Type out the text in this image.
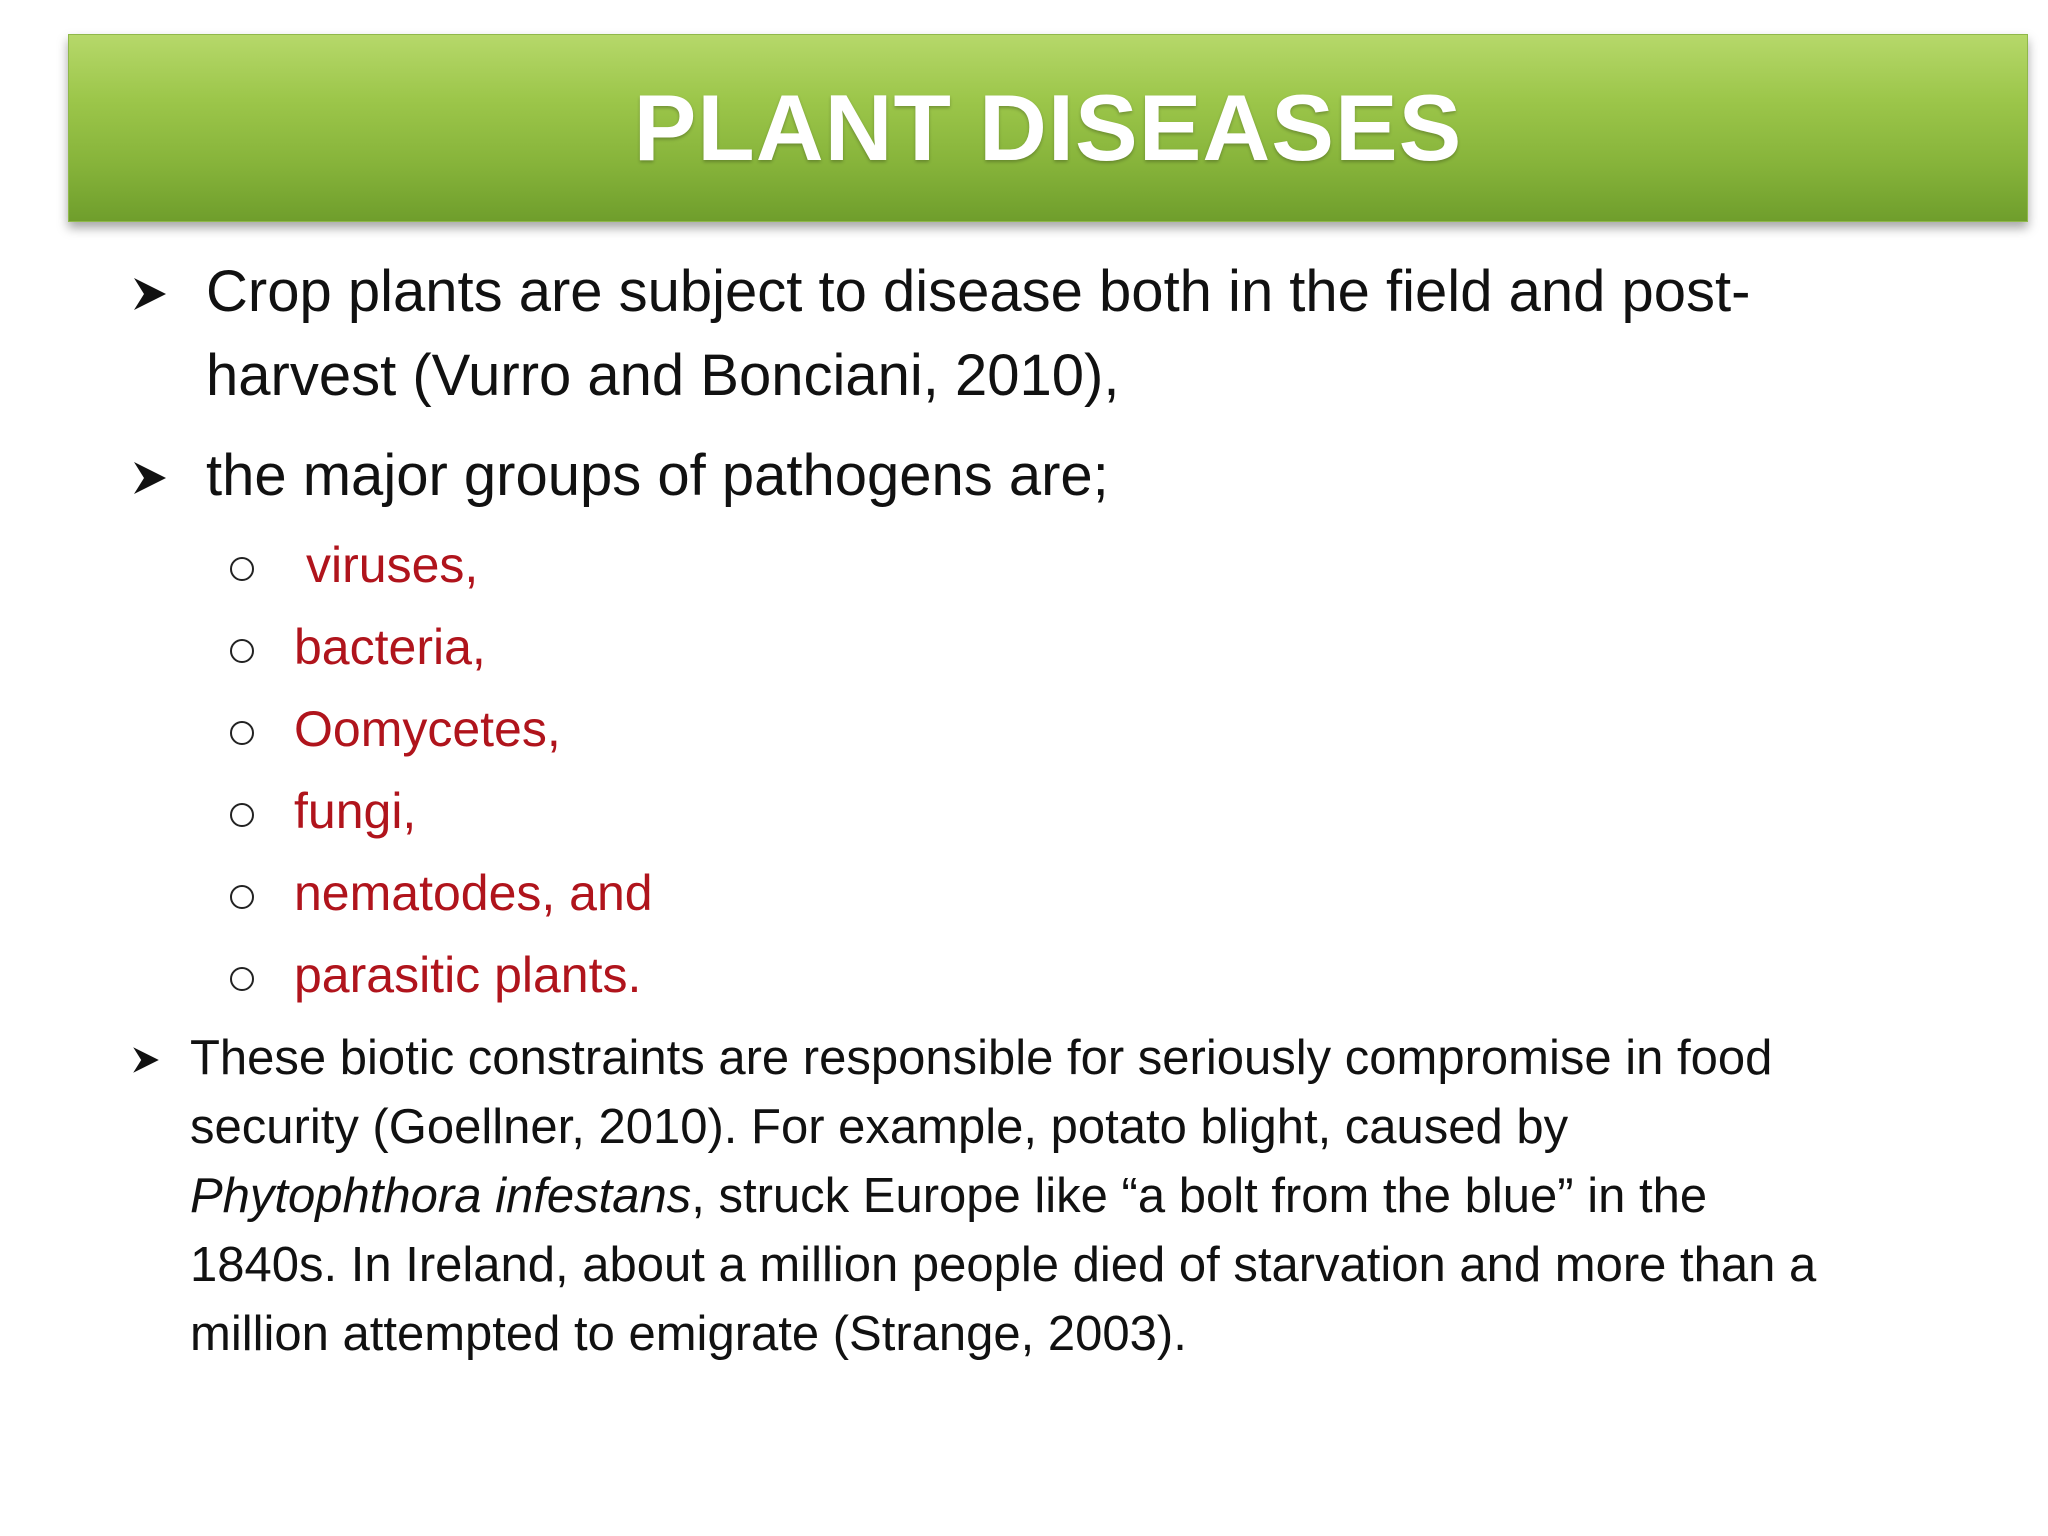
PLANT DISEASES
Crop plants are subject to disease both in the field and post-
harvest (Vurro and Bonciani, 2010),
the major groups of pathogens are;
viruses,
bacteria,
Oomycetes,
fungi,
nematodes, and
parasitic plants.
These biotic constraints are responsible for seriously compromise in food
security (Goellner, 2010). For example, potato blight, caused by
Phytophthora infestans, struck Europe like “a bolt from the blue” in the
1840s. In Ireland, about a million people died of starvation and more than a
million attempted to emigrate (Strange, 2003).
